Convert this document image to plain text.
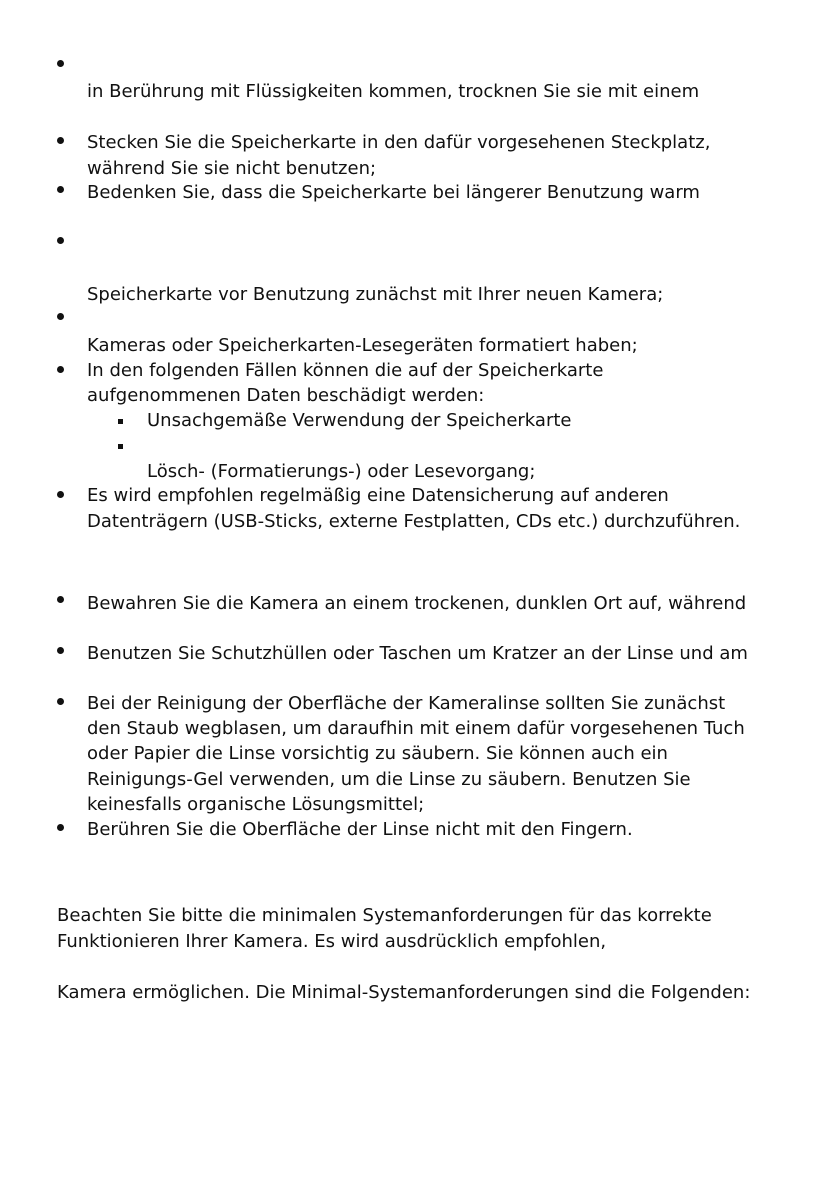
in Berührung mit Flüssigkeiten kommen, trocknen Sie sie mit einem
Stecken Sie die Speicherkarte in den dafür vorgesehenen Steckplatz,
während Sie sie nicht benutzen;
Bedenken Sie, dass die Speicherkarte bei längerer Benutzung warm
Speicherkarte vor Benutzung zunächst mit Ihrer neuen Kamera;
Kameras oder Speicherkarten-Lesegeräten formatiert haben;
In den folgenden Fällen können die auf der Speicherkarte
aufgenommenen Daten beschädigt werden:
Unsachgemäße Verwendung der Speicherkarte
Lösch- (Formatierungs-) oder Lesevorgang;
Es wird empfohlen regelmäßig eine Datensicherung auf anderen
Datenträgern (USB-Sticks, externe Festplatten, CDs etc.) durchzuführen.
Bewahren Sie die Kamera an einem trockenen, dunklen Ort auf, während
Benutzen Sie Schutzhüllen oder Taschen um Kratzer an der Linse und am
Bei der Reinigung der Oberfläche der Kameralinse sollten Sie zunächst
den Staub wegblasen, um daraufhin mit einem dafür vorgesehenen Tuch
oder Papier die Linse vorsichtig zu säubern. Sie können auch ein
Reinigungs-Gel verwenden, um die Linse zu säubern. Benutzen Sie
keinesfalls organische Lösungsmittel;
Berühren Sie die Oberfläche der Linse nicht mit den Fingern.
Beachten Sie bitte die minimalen Systemanforderungen für das korrekte
Funktionieren Ihrer Kamera. Es wird ausdrücklich empfohlen,
Kamera ermöglichen. Die Minimal-Systemanforderungen sind die Folgenden:
